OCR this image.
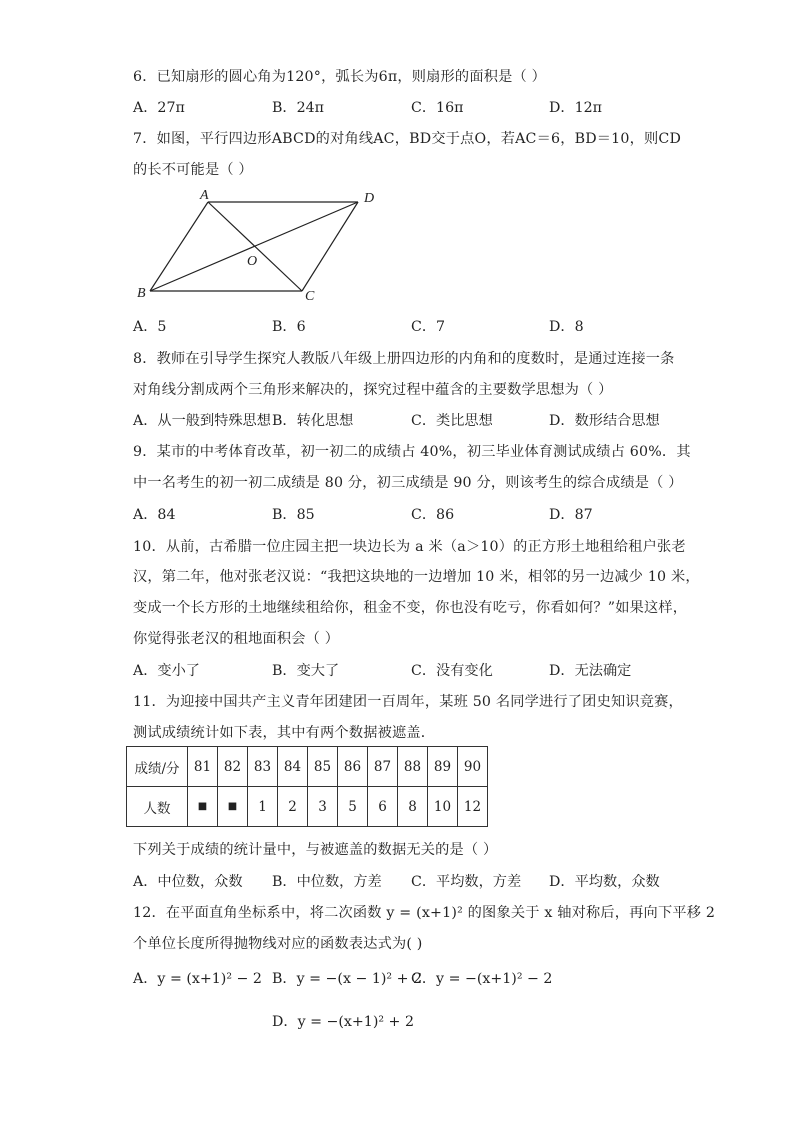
6．已知扇形的圆心角为120°，弧长为6π，则扇形的面积是（ ）
A．27π	B．24π	C．16π	D．12π
7．如图，平行四边形ABCD的对角线AC，BD交于点O，若AC＝6，BD＝10，则CD
的长不可能是（ ）
A	D
B	C
O
A．5	B．6	C．7	D．8
8．教师在引导学生探究人教版八年级上册四边形的内角和的度数时，是通过连接一条
对角线分割成两个三角形来解决的，探究过程中蕴含的主要数学思想为（ ）
A．从一般到特殊思想 B．转化思想	C．类比思想	D．数形结合思想
9．某市的中考体育改革，初一初二的成绩占 40%，初三毕业体育测试成绩占 60%．其
中一名考生的初一初二成绩是 80 分，初三成绩是 90 分，则该考生的综合成绩是（ ）
A．84	B．85	C．86	D．87
10．从前，古希腊一位庄园主把一块边长为 a 米（a＞10）的正方形土地租给租户张老
汉，第二年，他对张老汉说：“我把这块地的一边增加 10 米，相邻的另一边减少 10 米，
变成一个长方形的土地继续租给你，租金不变，你也没有吃亏，你看如何？”如果这样，
你觉得张老汉的租地面积会（ ）
A．变小了	B．变大了	C．没有变化	D．无法确定
11．为迎接中国共产主义青年团建团一百周年，某班 50 名同学进行了团史知识竞赛，
测试成绩统计如下表，其中有两个数据被遮盖．
成绩/分	81	82	83	84	85	86	87	88	89	90
人数	■	■	1	2	3	5	6	8	10	12
下列关于成绩的统计量中，与被遮盖的数据无关的是（ ）
A．中位数，众数 B．中位数，方差 C．平均数，方差 D．平均数，众数
12．在平面直角坐标系中，将二次函数 y = (x+1)² 的图象关于 x 轴对称后，再向下平移 2
个单位长度所得抛物线对应的函数表达式为( )
A．y = (x+1)² − 2 B．y = −(x − 1)² + 2
C．y = −(x+1)² − 2
D．y = −(x+1)² + 2
